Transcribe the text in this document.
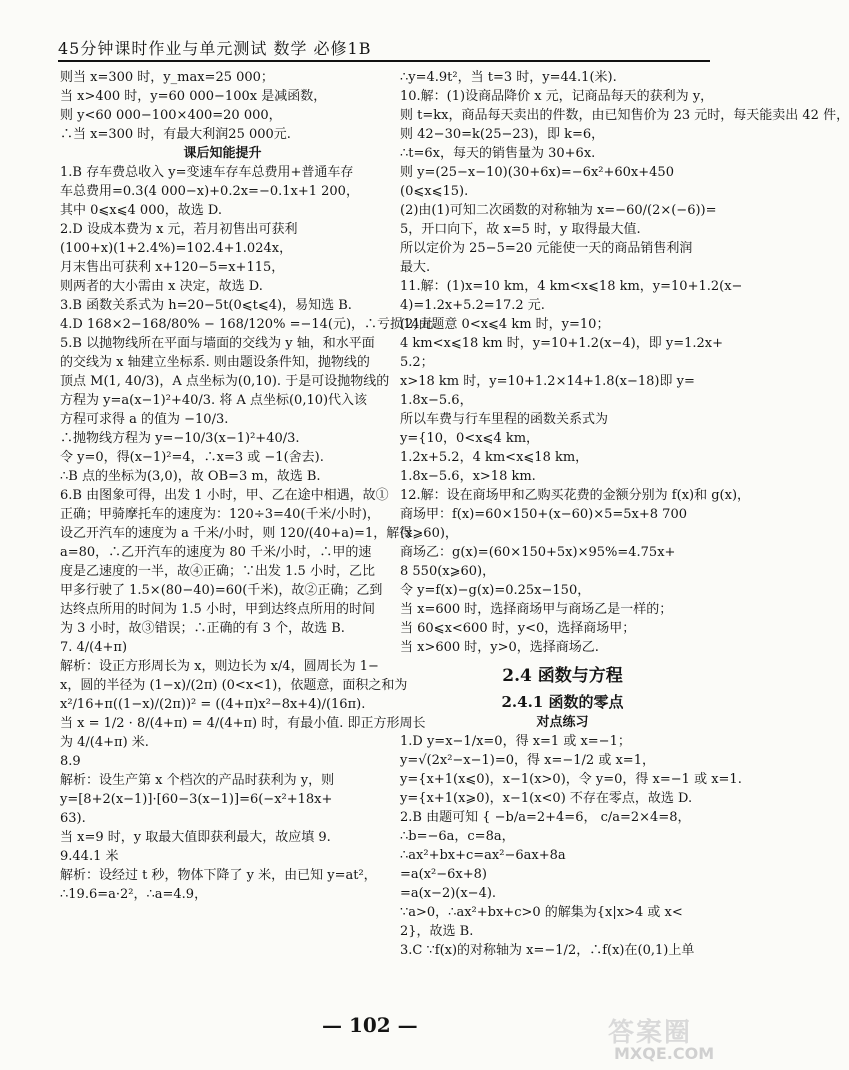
45分钟课时作业与单元测试 数学 必修1B

则当 x=300 时，y_max=25 000；

当 x>400 时，y=60 000−100x 是减函数，

则 y<60 000−100×400=20 000，

∴当 x=300 时，有最大利润25 000元.

课后知能提升

1.B 存车费总收入 y=变速车存车总费用+普通车存

车总费用=0.3(4 000−x)+0.2x=−0.1x+1 200，

其中 0⩽x⩽4 000，故选 D.

2.D 设成本费为 x 元，若月初售出可获利

(100+x)(1+2.4%)=102.4+1.024x，

月末售出可获利 x+120−5=x+115，

则两者的大小需由 x 决定，故选 D.

3.B 函数关系式为 h=20−5t(0⩽t⩽4)，易知选 B.

4.D 168×2−168/80% − 168/120% =−14(元)，∴亏损14元.

5.B 以抛物线所在平面与墙面的交线为 y 轴，和水平面

的交线为 x 轴建立坐标系. 则由题设条件知，抛物线的

顶点 M(1, 40/3)，A 点坐标为(0,10). 于是可设抛物线的

方程为 y=a(x−1)²+40/3. 将 A 点坐标(0,10)代入该

方程可求得 a 的值为 −10/3.

∴抛物线方程为 y=−10/3(x−1)²+40/3.

令 y=0，得(x−1)²=4，∴x=3 或 −1(舍去).

∴B 点的坐标为(3,0)，故 OB=3 m，故选 B.

6.B 由图象可得，出发 1 小时，甲、乙在途中相遇，故①

正确；甲骑摩托车的速度为：120÷3=40(千米/小时)，

设乙开汽车的速度为 a 千米/小时，则 120/(40+a)=1，解得

a=80，∴乙开汽车的速度为 80 千米/小时，∴甲的速

度是乙速度的一半，故④正确；∵出发 1.5 小时，乙比

甲多行驶了 1.5×(80−40)=60(千米)，故②正确；乙到

达终点所用的时间为 1.5 小时，甲到达终点所用的时间

为 3 小时，故③错误；∴正确的有 3 个，故选 B.

7. 4/(4+π)

解析：设正方形周长为 x，则边长为 x/4，圆周长为 1−

x，圆的半径为 (1−x)/(2π) (0<x<1)，依题意，面积之和为

x²/16+π((1−x)/(2π))² = ((4+π)x²−8x+4)/(16π).

当 x = 1/2 · 8/(4+π) = 4/(4+π) 时，有最小值. 即正方形周长

为 4/(4+π) 米.

8.9

解析：设生产第 x 个档次的产品时获利为 y，则

y=[8+2(x−1)]·[60−3(x−1)]=6(−x²+18x+

63).

当 x=9 时，y 取最大值即获利最大，故应填 9.

9.44.1 米

解析：设经过 t 秒，物体下降了 y 米，由已知 y=at²，

∴19.6=a·2²，∴a=4.9，

∴y=4.9t²，当 t=3 时，y=44.1(米).

10.解：(1)设商品降价 x 元，记商品每天的获利为 y，

则 t=kx，商品每天卖出的件数，由已知售价为 23 元时，每天能卖出 42 件，

则 42−30=k(25−23)，即 k=6，

∴t=6x，每天的销售量为 30+6x.

则 y=(25−x−10)(30+6x)=−6x²+60x+450

(0⩽x⩽15).

(2)由(1)可知二次函数的对称轴为 x=−60/(2×(−6))=

5，开口向下，故 x=5 时，y 取得最大值.

所以定价为 25−5=20 元能使一天的商品销售利润

最大.

11.解：(1)x=10 km，4 km<x⩽18 km，y=10+1.2(x−

4)=1.2x+5.2=17.2 元.

(2)由题意 0<x⩽4 km 时，y=10；

4 km<x⩽18 km 时，y=10+1.2(x−4)，即 y=1.2x+

5.2；

x>18 km 时，y=10+1.2×14+1.8(x−18)即 y=

1.8x−5.6，

所以车费与行车里程的函数关系式为

y={10，0<x⩽4 km，

1.2x+5.2，4 km<x⩽18 km，

1.8x−5.6，x>18 km.

12.解：设在商场甲和乙购买花费的金额分别为 f(x)和 g(x)，

商场甲：f(x)=60×150+(x−60)×5=5x+8 700

(x⩾60)，

商场乙：g(x)=(60×150+5x)×95%=4.75x+

8 550(x⩾60)，

令 y=f(x)−g(x)=0.25x−150，

当 x=600 时，选择商场甲与商场乙是一样的；

当 60⩽x<600 时，y<0，选择商场甲；

当 x>600 时，y>0，选择商场乙.

2.4 函数与方程

2.4.1 函数的零点

对点练习

1.D y=x−1/x=0，得 x=1 或 x=−1；

y=√(2x²−x−1)=0，得 x=−1/2 或 x=1，

y={x+1(x⩽0)，x−1(x>0)，令 y=0，得 x=−1 或 x=1.

y={x+1(x⩾0)，x−1(x<0) 不存在零点，故选 D.

2.B 由题可知 { −b/a=2+4=6， c/a=2×4=8，

∴b=−6a，c=8a，

∴ax²+bx+c=ax²−6ax+8a

=a(x²−6x+8)

=a(x−2)(x−4).

∵a>0，∴ax²+bx+c>0 的解集为{x|x>4 或 x<

2}，故选 B.

3.C ∵f(x)的对称轴为 x=−1/2，∴f(x)在(0,1)上单

— 102 —	答案圈
MXQE.COM
